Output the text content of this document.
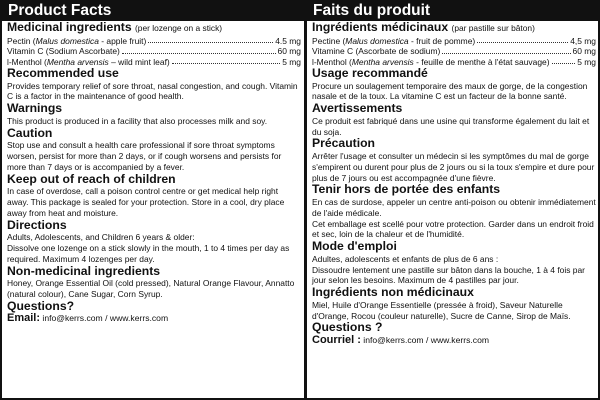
Product Facts
Medicinal ingredients (per lozenge on a stick)
Pectin (Malus domestica - apple fruit)	4.5 mg
Vitamin C (Sodium Ascorbate)	60 mg
l-Menthol (Mentha arvensis – wild mint leaf)	5 mg
Recommended use
Provides temporary relief of sore throat, nasal congestion, and cough. Vitamin C is a factor in the maintenance of good health.
Warnings
This product is produced in a facility that also processes milk and soy.
Caution
Stop use and consult a health care professional if sore throat symptoms worsen, persist for more than 2 days, or if cough worsens and persists for more than 7 days or is accompanied by a fever.
Keep out of reach of children
In case of overdose, call a poison control centre or get medical help right away. This package is sealed for your protection. Store in a cool, dry place away from heat and moisture.
Directions
Adults, Adolescents, and Children 6 years & older:
Dissolve one lozenge on a stick slowly in the mouth, 1 to 4 times per day as required. Maximum 4 lozenges per day.
Non-medicinal ingredients
Honey, Orange Essential Oil (cold pressed), Natural Orange Flavour, Annatto (natural colour), Cane Sugar, Corn Syrup.
Questions?
Email: info@kerrs.com / www.kerrs.com
Faits du produit
Ingrédients médicinaux (par pastille sur bâton)
Pectine (Malus domestica - fruit de pomme)	4,5 mg
Vitamine C (Ascorbate de sodium)	60 mg
l-Menthol (Mentha arvensis - feuille de menthe à l'état sauvage)	5 mg
Usage recommandé
Procure un soulagement temporaire des maux de gorge, de la congestion nasale et de la toux. La vitamine C est un facteur de la bonne santé.
Avertissements
Ce produit est fabriqué dans une usine qui transforme également du lait et du soja.
Précaution
Arrêter l'usage et consulter un médecin si les symptômes du mal de gorge s'empirent ou durent pour plus de 2 jours ou si la toux s'empire et dure pour plus de 7 jours ou est accompagnée d'une fièvre.
Tenir hors de portée des enfants
En cas de surdose, appeler un centre anti-poison ou obtenir immédiatement de l'aide médicale.
Cet emballage est scellé pour votre protection. Garder dans un endroit froid et sec, loin de la chaleur et de l'humidité.
Mode d'emploi
Adultes, adolescents et enfants de plus de 6 ans :
Dissoudre lentement une pastille sur bâton dans la bouche, 1 à 4 fois par jour selon les besoins. Maximum de 4 pastilles par jour.
Ingrédients non médicinaux
Miel, Huile d'Orange Essentielle (pressée à froid), Saveur Naturelle d'Orange, Rocou (couleur naturelle), Sucre de Canne, Sirop de Maïs.
Questions ?
Courriel : info@kerrs.com / www.kerrs.com
